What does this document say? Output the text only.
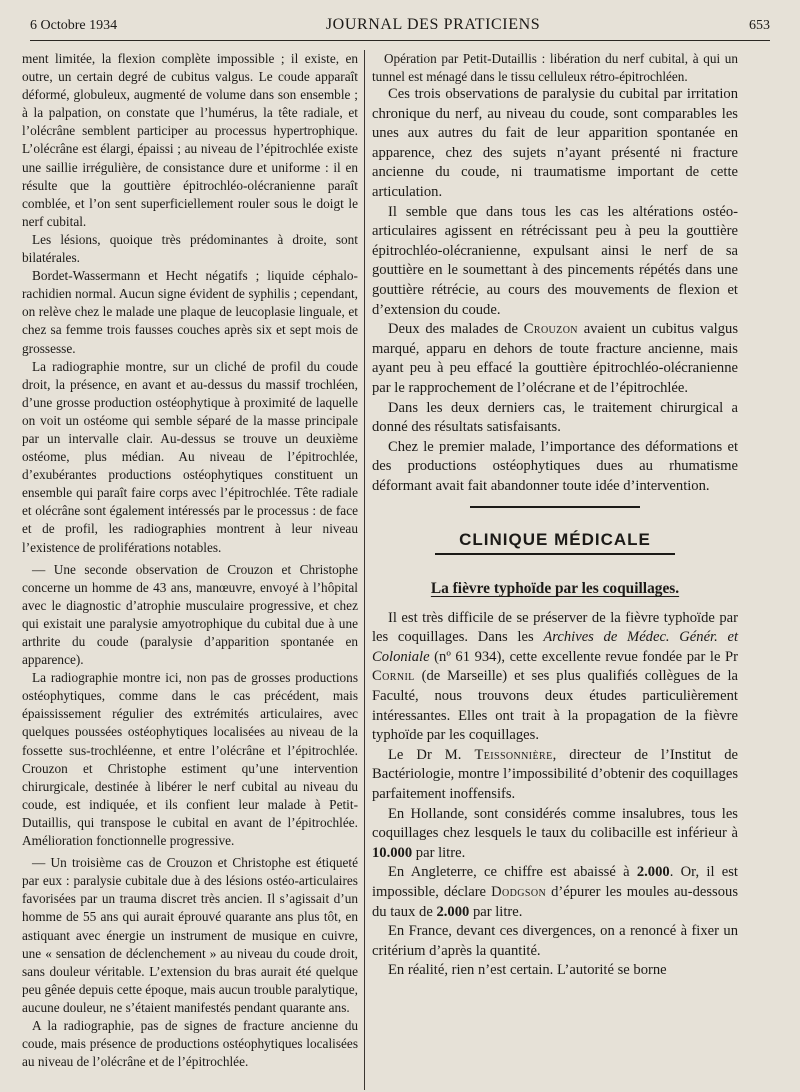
6 Octobre 1934	JOURNAL DES PRATICIENS	653

ment limitée, la flexion complète impossible ; il existe, en outre, un certain degré de cubitus valgus. Le coude apparaît déformé, globuleux, augmenté de volume dans son ensemble ; à la palpation, on constate que l’humérus, la tête radiale, et l’olécrâne semblent participer au processus hypertrophique. L’olécrâne est élargi, épaissi ; au niveau de l’épitrochlée existe une saillie irrégulière, de consistance dure et uniforme : il en résulte que la gouttière épitrochléo-olécranienne paraît comblée, et l’on sent superficiellement rouler sous le doigt le nerf cubital.

Les lésions, quoique très prédominantes à droite, sont bilatérales.

Bordet-Wassermann et Hecht négatifs ; liquide céphalo-rachidien normal. Aucun signe évident de syphilis ; cependant, on relève chez le malade une plaque de leucoplasie linguale, et chez sa femme trois fausses couches après six et sept mois de grossesse.

La radiographie montre, sur un cliché de profil du coude droit, la présence, en avant et au-dessus du massif trochléen, d’une grosse production ostéophytique à proximité de laquelle on voit un ostéome qui semble séparé de la masse principale par un intervalle clair. Au-dessus se trouve un deuxième ostéome, plus médian. Au niveau de l’épitrochlée, d’exubérantes productions ostéophytiques constituent un ensemble qui paraît faire corps avec l’épitrochlée. Tête radiale et olécrâne sont également intéressés par le processus : de face et de profil, les radiographies montrent à leur niveau l’existence de proliférations notables.

— Une seconde observation de Crouzon et Christophe concerne un homme de 43 ans, manœuvre, envoyé à l’hôpital avec le diagnostic d’atrophie musculaire progressive, et chez qui existait une paralysie amyotrophique du cubital due à une arthrite du coude (paralysie d’apparition spontanée en apparence).

La radiographie montre ici, non pas de grosses productions ostéophytiques, comme dans le cas précédent, mais épaississement régulier des extrémités articulaires, avec quelques poussées ostéophytiques localisées au niveau de la fossette sus-trochléenne, et entre l’olécrâne et l’épitrochlée. Crouzon et Christophe estiment qu’une intervention chirurgicale, destinée à libérer le nerf cubital au niveau du coude, est indiquée, et ils confient leur malade à Petit-Dutaillis, qui transpose le cubital en avant de l’épitrochlée. Amélioration fonctionnelle progressive.

— Un troisième cas de Crouzon et Christophe est étiqueté par eux : paralysie cubitale due à des lésions ostéo-articulaires favorisées par un trauma discret très ancien. Il s’agissait d’un homme de 55 ans qui aurait éprouvé quarante ans plus tôt, en astiquant avec énergie un instrument de musique en cuivre, une « sensation de déclenchement » au niveau du coude droit, sans douleur véritable. L’extension du bras aurait été quelque peu gênée depuis cette époque, mais aucun trouble paralytique, aucune douleur, ne s’étaient manifestés pendant quarante ans.

A la radiographie, pas de signes de fracture ancienne du coude, mais présence de productions ostéophytiques localisées au niveau de l’olécrâne et de l’épitrochlée.

Opération par Petit-Dutaillis : libération du nerf cubital, à qui un tunnel est ménagé dans le tissu celluleux rétro-épitrochléen.

Ces trois observations de paralysie du cubital par irritation chronique du nerf, au niveau du coude, sont comparables les unes aux autres du fait de leur apparition spontanée en apparence, chez des sujets n’ayant présenté ni fracture ancienne du coude, ni traumatisme important de cette articulation.

Il semble que dans tous les cas les altérations ostéo-articulaires agissent en rétrécissant peu à peu la gouttière épitrochléo-olécranienne, expulsant ainsi le nerf de sa gouttière en le soumettant à des pincements répétés dans une gouttière rétrécie, au cours des mouvements de flexion et d’extension du coude.

Deux des malades de Crouzon avaient un cubitus valgus marqué, apparu en dehors de toute fracture ancienne, mais ayant peu à peu effacé la gouttière épitrochléo-olécranienne par le rapprochement de l’olécrane et de l’épitrochlée.

Dans les deux derniers cas, le traitement chirurgical a donné des résultats satisfaisants.

Chez le premier malade, l’importance des déformations et des productions ostéophytiques dues au rhumatisme déformant avait fait abandonner toute idée d’intervention.

CLINIQUE MÉDICALE
La fièvre typhoïde par les coquillages.

Il est très difficile de se préserver de la fièvre typhoïde par les coquillages. Dans les Archives de Médec. Génér. et Coloniale (nº 61 934), cette excellente revue fondée par le Pr Cornil (de Marseille) et ses plus qualifiés collègues de la Faculté, nous trouvons deux études particulièrement intéressantes. Elles ont trait à la propagation de la fièvre typhoïde par les coquillages.

Le Dr M. Teissonnière, directeur de l’Institut de Bactériologie, montre l’impossibilité d’obtenir des coquillages parfaitement inoffensifs.

En Hollande, sont considérés comme insalubres, tous les coquillages chez lesquels le taux du colibacille est inférieur à 10.000 par litre.

En Angleterre, ce chiffre est abaissé à 2.000. Or, il est impossible, déclare Dodgson d’épurer les moules au-dessous du taux de 2.000 par litre.

En France, devant ces divergences, on a renoncé à fixer un critérium d’après la quantité.

En réalité, rien n’est certain. L’autorité se borne
